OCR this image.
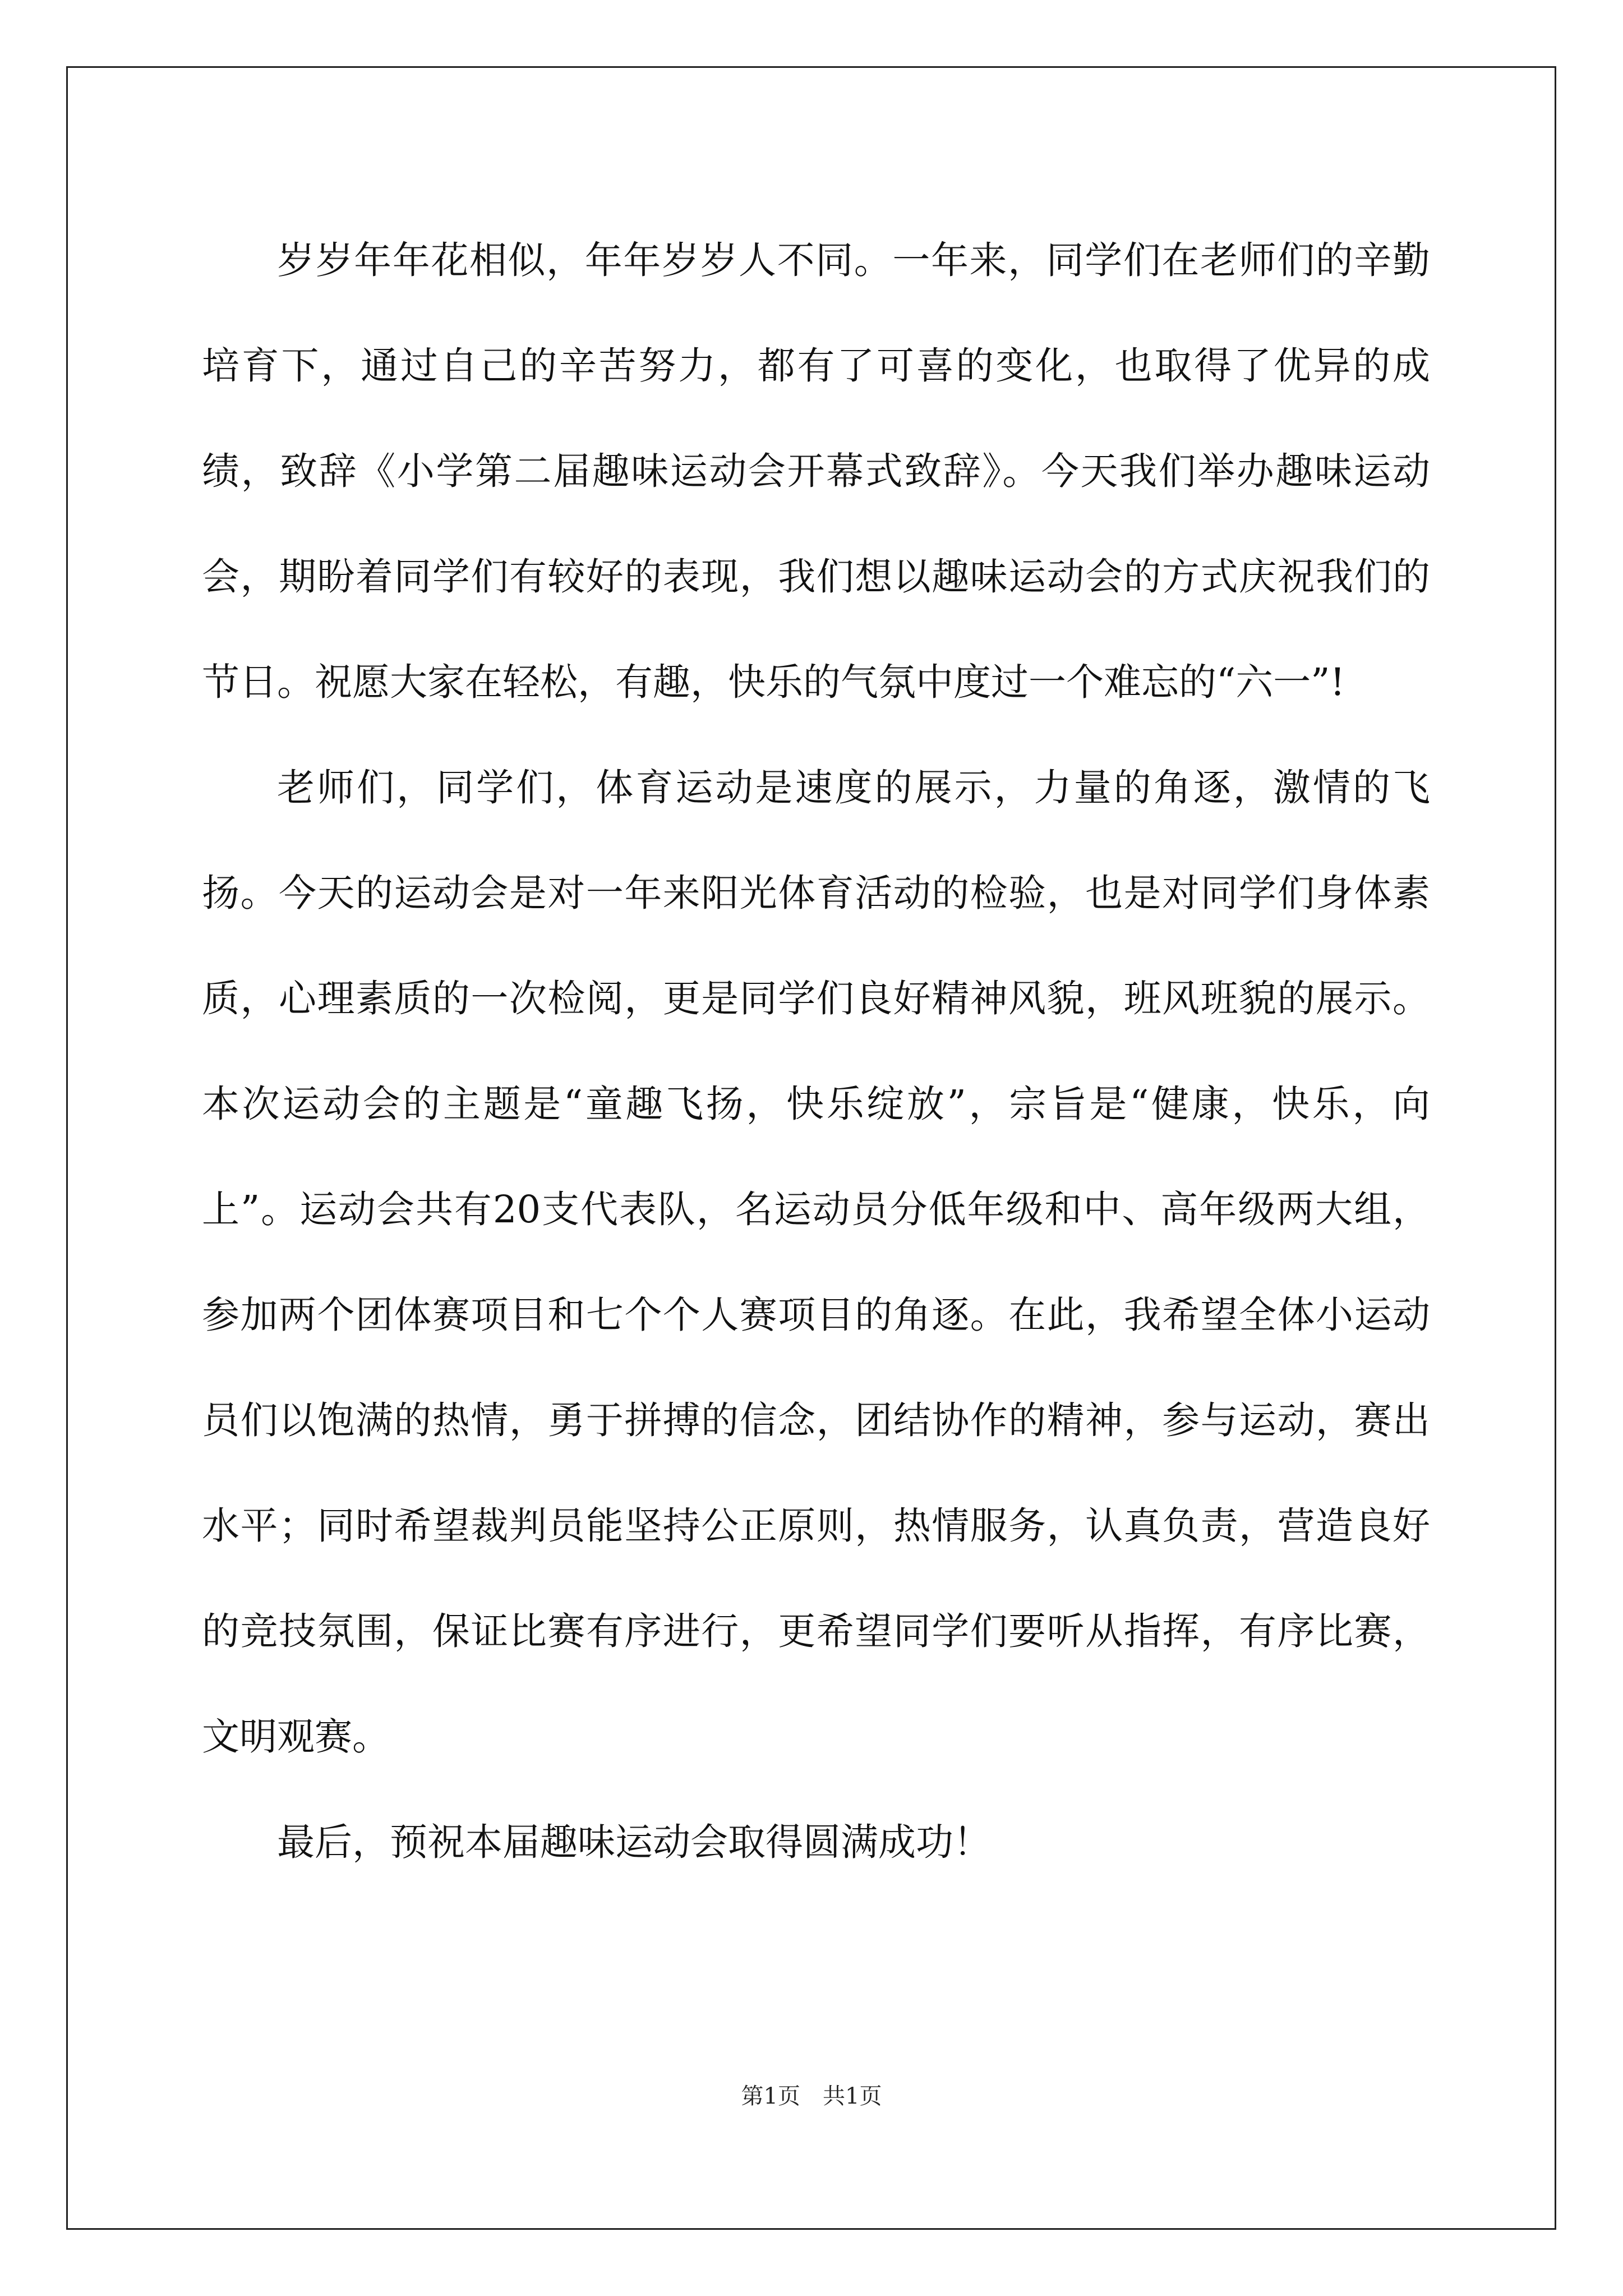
岁岁年年花相似，年年岁岁人不同。一年来，同学们在老师们的辛勤培育下，通过自己的辛苦努力，都有了可喜的变化，也取得了优异的成绩，致辞《小学第二届趣味运动会开幕式致辞》。今天我们举办趣味运动会，期盼着同学们有较好的表现，我们想以趣味运动会的方式庆祝我们的节日。祝愿大家在轻松，有趣，快乐的气氛中度过一个难忘的“六一”!

老师们，同学们，体育运动是速度的展示，力量的角逐，激情的飞扬。今天的运动会是对一年来阳光体育活动的检验，也是对同学们身体素质，心理素质的一次检阅，更是同学们良好精神风貌，班风班貌的展示。本次运动会的主题是“童趣飞扬，快乐绽放”，宗旨是“健康，快乐，向上”。运动会共有20支代表队，名运动员分低年级和中、高年级两大组，参加两个团体赛项目和七个个人赛项目的角逐。在此，我希望全体小运动员们以饱满的热情，勇于拼搏的信念，团结协作的精神，参与运动，赛出水平；同时希望裁判员能坚持公正原则，热情服务，认真负责，营造良好的竞技氛围，保证比赛有序进行，更希望同学们要听从指挥，有序比赛，文明观赛。

最后，预祝本届趣味运动会取得圆满成功！

第1页　共1页
